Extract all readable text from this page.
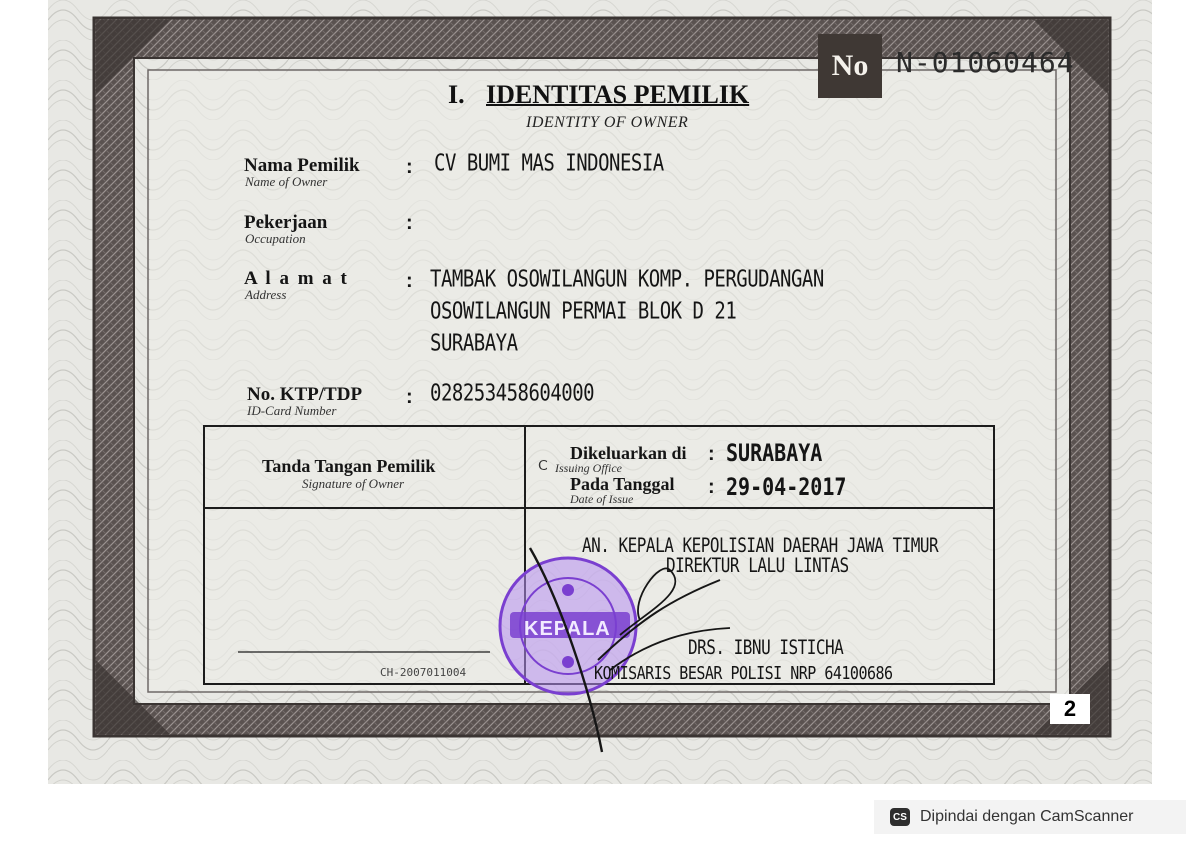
No N-01060464
I. IDENTITAS PEMILIK
IDENTITY OF OWNER
Nama Pemilik
Name of Owner
: CV BUMI MAS INDONESIA
Pekerjaan
Occupation
:
A l a m a t
Address
: TAMBAK OSOWILANGUN KOMP. PERGUDANGAN
OSOWILANGUN PERMAI BLOK D 21
SURABAYA
No. KTP/TDP
ID-Card Number
: 028253458604000
Tanda Tangan Pemilik
Signature of Owner
CH-2007011004
ꓚ
Dikeluarkan di
Issuing Office
: SURABAYA
Pada Tanggal
Date of Issue
: 29-04-2017
AN. KEPALA KEPOLISIAN DAERAH JAWA TIMUR
DIREKTUR LALU LINTAS
KEPALA
DRS. IBNU ISTICHA
KOMISARIS BESAR POLISI NRP 64100686
2
CS Dipindai dengan CamScanner
